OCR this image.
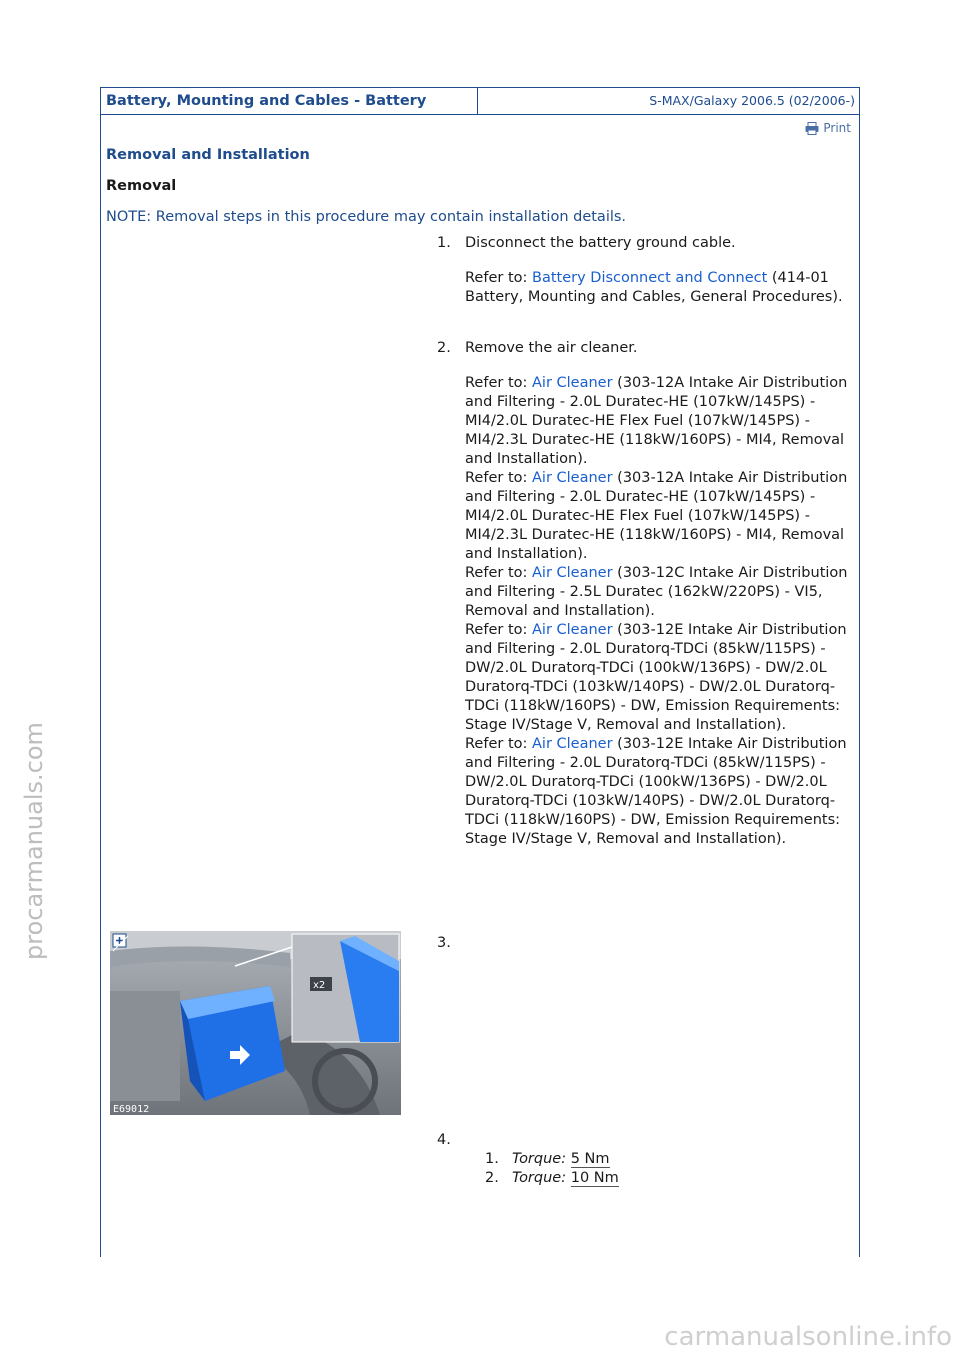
Battery, Mounting and Cables - Battery	S-MAX/Galaxy 2006.5 (02/2006-)
Print
Removal and Installation
Removal
NOTE: Removal steps in this procedure may contain installation details.
1. Disconnect the battery ground cable.
Refer to: Battery Disconnect and Connect (414-01 Battery, Mounting and Cables, General Procedures).
2. Remove the air cleaner.
Refer to: Air Cleaner (303-12A Intake Air Distribution and Filtering - 2.0L Duratec-HE (107kW/145PS) - MI4/2.0L Duratec-HE Flex Fuel (107kW/145PS) - MI4/2.3L Duratec-HE (118kW/160PS) - MI4, Removal and Installation).
Refer to: Air Cleaner (303-12A Intake Air Distribution and Filtering - 2.0L Duratec-HE (107kW/145PS) - MI4/2.0L Duratec-HE Flex Fuel (107kW/145PS) - MI4/2.3L Duratec-HE (118kW/160PS) - MI4, Removal and Installation).
Refer to: Air Cleaner (303-12C Intake Air Distribution and Filtering - 2.5L Duratec (162kW/220PS) - VI5, Removal and Installation).
Refer to: Air Cleaner (303-12E Intake Air Distribution and Filtering - 2.0L Duratorq-TDCi (85kW/115PS) - DW/2.0L Duratorq-TDCi (100kW/136PS) - DW/2.0L Duratorq-TDCi (103kW/140PS) - DW/2.0L Duratorq-TDCi (118kW/160PS) - DW, Emission Requirements: Stage IV/Stage V, Removal and Installation).
Refer to: Air Cleaner (303-12E Intake Air Distribution and Filtering - 2.0L Duratorq-TDCi (85kW/115PS) - DW/2.0L Duratorq-TDCi (100kW/136PS) - DW/2.0L Duratorq-TDCi (103kW/140PS) - DW/2.0L Duratorq-TDCi (118kW/160PS) - DW, Emission Requirements: Stage IV/Stage V, Removal and Installation).
3.
x2
E69012
4.
1. Torque: 5 Nm
2. Torque: 10 Nm
procarmanuals.com
carmanualsonline.info
